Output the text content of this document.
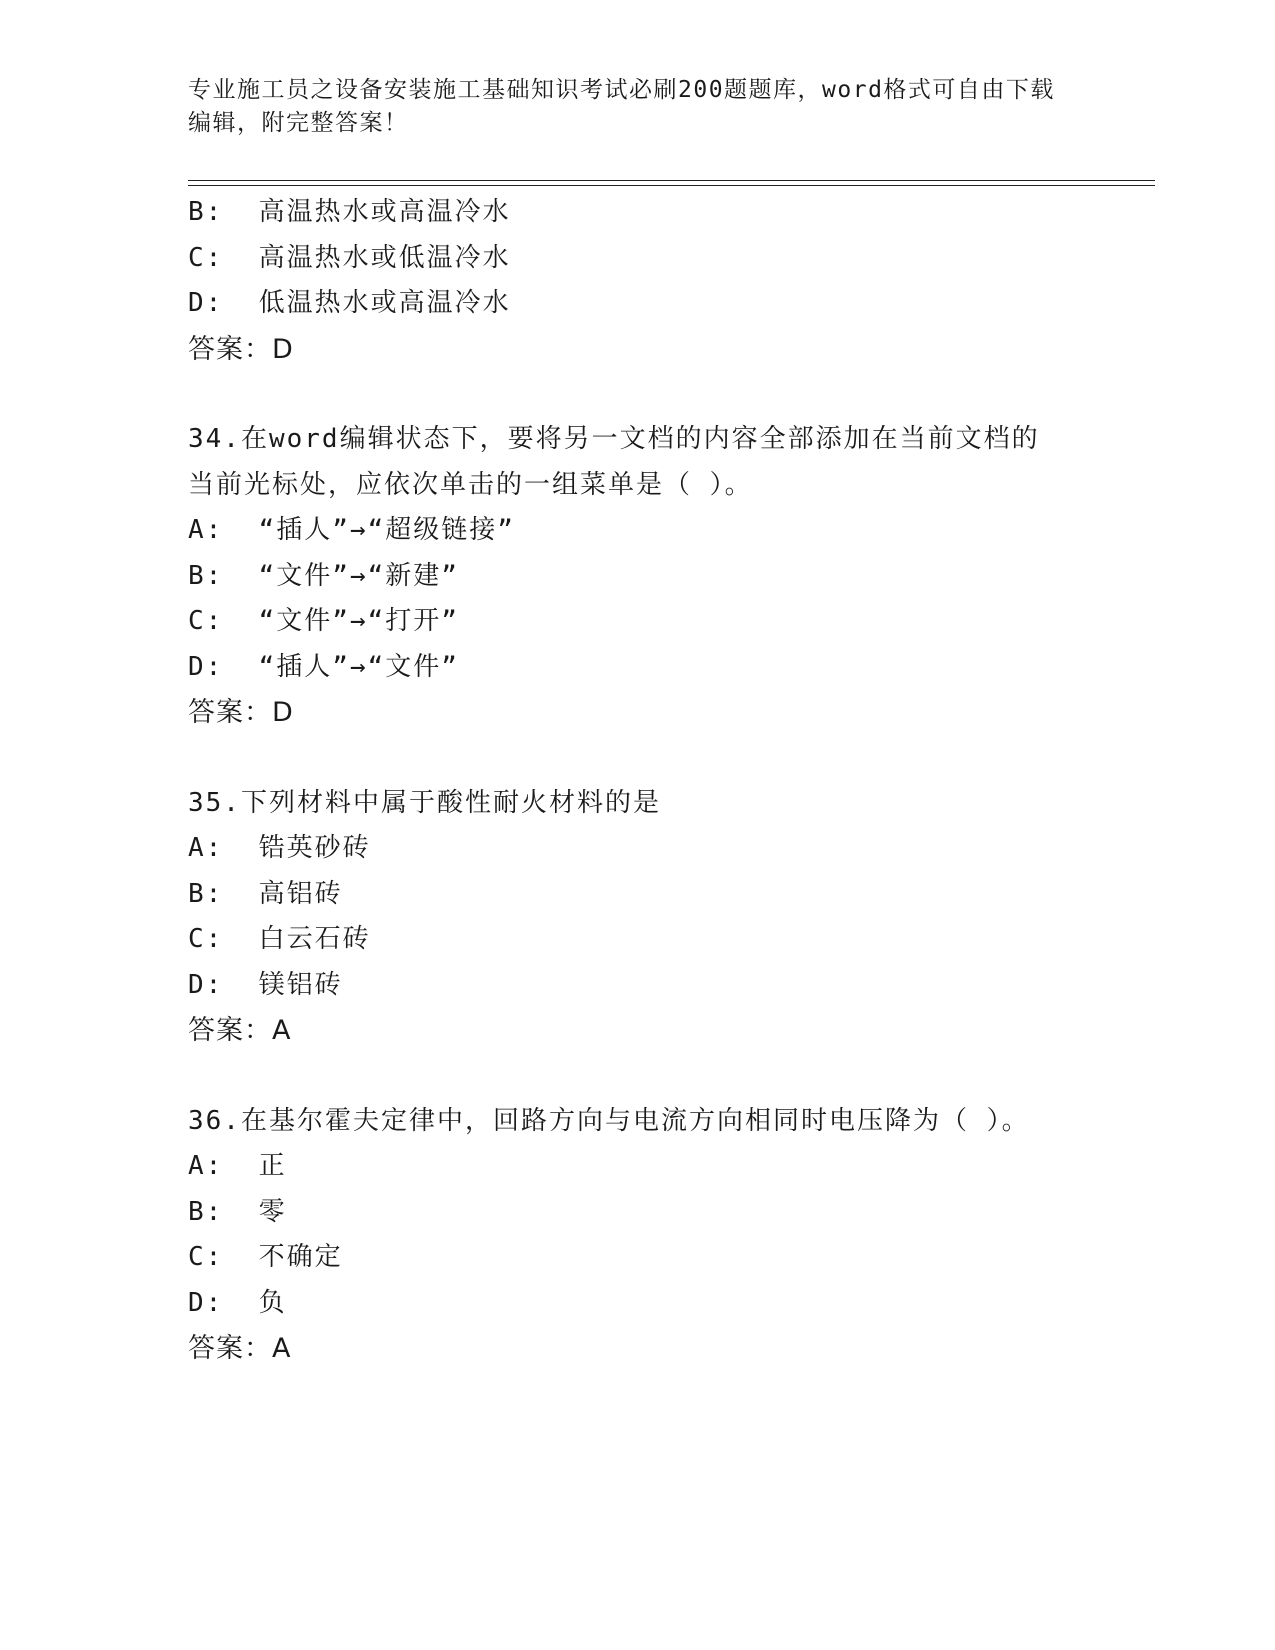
专业施工员之设备安装施工基础知识考试必刷200题题库，word格式可自由下载
编辑，附完整答案！
B:  高温热水或高温冷水
C:  高温热水或低温冷水
D:  低温热水或高温冷水
答案：D
34.在word编辑状态下，要将另一文档的内容全部添加在当前文档的
当前光标处，应依次单击的一组菜单是（ ）。
A:  “插人”→“超级链接”
B:  “文件”→“新建”
C:  “文件”→“打开”
D:  “插人”→“文件”
答案：D
35.下列材料中属于酸性耐火材料的是
A:  锆英砂砖
B:  高铝砖
C:  白云石砖
D:  镁铝砖
答案：A
36.在基尔霍夫定律中，回路方向与电流方向相同时电压降为（ ）。
A:  正
B:  零
C:  不确定
D:  负
答案：A
